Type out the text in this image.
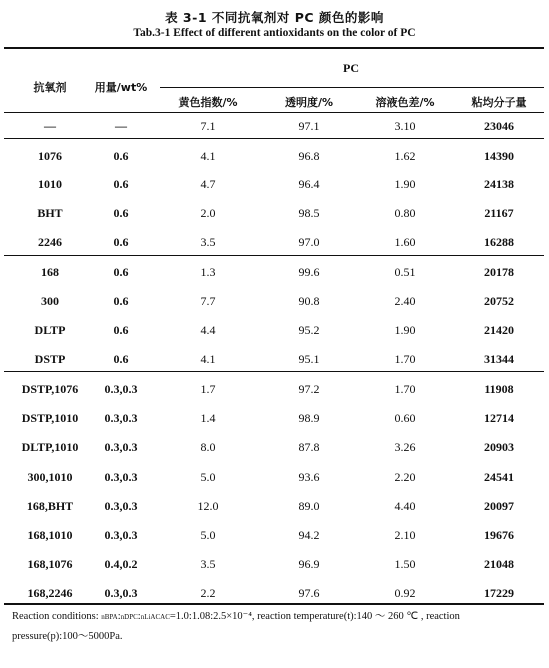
表 3-1 不同抗氧剂对 PC 颜色的影响
Tab.3-1 Effect of different antioxidants on the color of PC
抗氧剂	用量/wt%
PC
黄色指数/%	透明度/%	溶液色差/%	粘均分子量
—	—	7.1	97.1	3.10	23046
1076	0.6	4.1	96.8	1.62	14390
1010	0.6	4.7	96.4	1.90	24138
BHT	0.6	2.0	98.5	0.80	21167
2246	0.6	3.5	97.0	1.60	16288
168	0.6	1.3	99.6	0.51	20178
300	0.6	7.7	90.8	2.40	20752
DLTP	0.6	4.4	95.2	1.90	21420
DSTP	0.6	4.1	95.1	1.70	31344
DSTP,1076 0.3,0.3	1.7	97.2	1.70	11908
DSTP,1010 0.3,0.3	1.4	98.9	0.60	12714
DLTP,1010 0.3,0.3	8.0	87.8	3.26	20903
300,1010	0.3,0.3	5.0	93.6	2.20	24541
168,BHT	0.3,0.3	12.0	89.0	4.40	20097
168,1010	0.3,0.3	5.0	94.2	2.10	19676
168,1076	0.4,0.2	3.5	96.9	1.50	21048
168,2246	0.3,0.3	2.2	97.6	0.92	17229
Reaction conditions: nBPA:nDPC:nLiACAC=1.0:1.08:2.5×10⁻⁴, reaction temperature(t):140 ～ 260 ℃ , reaction
pressure(p):100～5000Pa.
